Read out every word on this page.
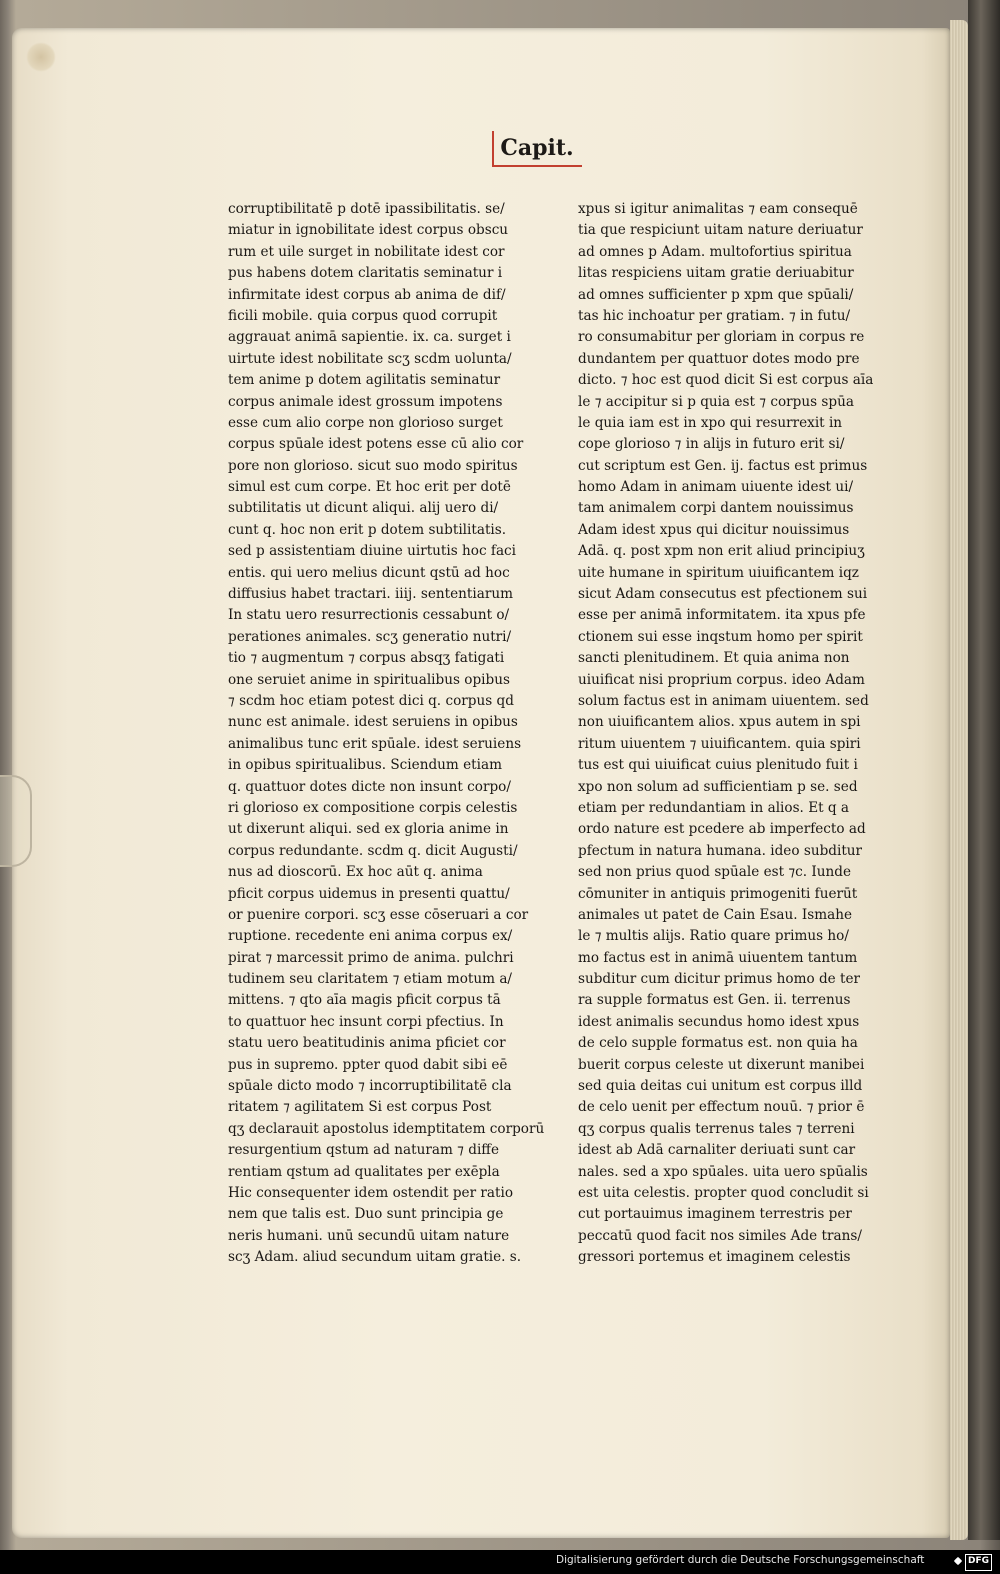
Capit.
corruptibilitatē p dotē ipassibilitatis. se/
miatur in ignobilitate idest corpus obscu
rum et uile surget in nobilitate idest cor
pus habens dotem claritatis seminatur i
infirmitate idest corpus ab anima de dif/
ficili mobile. quia corpus quod corrupit
aggrauat animā sapientie. ix. ca. surget i
uirtute idest nobilitate scʒ scdm uolunta/
tem anime p dotem agilitatis seminatur
corpus animale idest grossum impotens
esse cum alio corpe non glorioso surget
corpus spūale idest potens esse cū alio cor
pore non glorioso. sicut suo modo spiritus
simul est cum corpe. Et hoc erit per dotē
subtilitatis ut dicunt aliqui. alij uero di/
cunt q. hoc non erit p dotem subtilitatis.
sed p assistentiam diuine uirtutis hoc faci
entis. qui uero melius dicunt qstū ad hoc
diffusius habet tractari. iiij. sententiarum
In statu uero resurrectionis cessabunt o/
perationes animales. scʒ generatio nutri/
tio ⁊ augmentum ⁊ corpus absqʒ fatigati
one seruiet anime in spiritualibus opibus
⁊ scdm hoc etiam potest dici q. corpus qd
nunc est animale. idest seruiens in opibus
animalibus tunc erit spūale. idest seruiens
in opibus spiritualibus. Sciendum etiam
q. quattuor dotes dicte non insunt corpo/
ri glorioso ex compositione corpis celestis
ut dixerunt aliqui. sed ex gloria anime in
corpus redundante. scdm q. dicit Augusti/
nus ad dioscorū. Ex hoc aūt q. anima
pficit corpus uidemus in presenti quattu/
or puenire corpori. scʒ esse cōseruari a cor
ruptione. recedente eni anima corpus ex/
pirat ⁊ marcessit primo de anima. pulchri
tudinem seu claritatem ⁊ etiam motum a/
mittens. ⁊ qto aīa magis pficit corpus tā
to quattuor hec insunt corpi pfectius. In
statu uero beatitudinis anima pficiet cor
pus in supremo. ppter quod dabit sibi eē
spūale dicto modo ⁊ incorruptibilitatē cla
ritatem ⁊ agilitatem Si est corpus Post
qʒ declarauit apostolus idemptitatem corporū
resurgentium qstum ad naturam ⁊ diffe
rentiam qstum ad qualitates per exēpla
Hic consequenter idem ostendit per ratio
nem que talis est. Duo sunt principia ge
neris humani. unū secundū uitam nature
scʒ Adam. aliud secundum uitam gratie. s.
xpus si igitur animalitas ⁊ eam consequē
tia que respiciunt uitam nature deriuatur
ad omnes p Adam. multofortius spiritua
litas respiciens uitam gratie deriuabitur
ad omnes sufficienter p xpm que spūali/
tas hic inchoatur per gratiam. ⁊ in futu/
ro consumabitur per gloriam in corpus re
dundantem per quattuor dotes modo pre
dicto. ⁊ hoc est quod dicit Si est corpus aīa
le ⁊ accipitur si p quia est ⁊ corpus spūa
le quia iam est in xpo qui resurrexit in
cope glorioso ⁊ in alijs in futuro erit si/
cut scriptum est Gen. ij. factus est primus
homo Adam in animam uiuente idest ui/
tam animalem corpi dantem nouissimus
Adam idest xpus qui dicitur nouissimus
Adā. q. post xpm non erit aliud principiuʒ
uite humane in spiritum uiuificantem iqz
sicut Adam consecutus est pfectionem sui
esse per animā informitatem. ita xpus pfe
ctionem sui esse inqstum homo per spirit
sancti plenitudinem. Et quia anima non
uiuificat nisi proprium corpus. ideo Adam
solum factus est in animam uiuentem. sed
non uiuificantem alios. xpus autem in spi
ritum uiuentem ⁊ uiuificantem. quia spiri
tus est qui uiuificat cuius plenitudo fuit i
xpo non solum ad sufficientiam p se. sed
etiam per redundantiam in alios. Et q a
ordo nature est pcedere ab imperfecto ad
pfectum in natura humana. ideo subditur
sed non prius quod spūale est ⁊c. Iunde
cōmuniter in antiquis primogeniti fuerūt
animales ut patet de Cain Esau. Ismahe
le ⁊ multis alijs. Ratio quare primus ho/
mo factus est in animā uiuentem tantum
subditur cum dicitur primus homo de ter
ra supple formatus est Gen. ii. terrenus
idest animalis secundus homo idest xpus
de celo supple formatus est. non quia ha
buerit corpus celeste ut dixerunt manibei
sed quia deitas cui unitum est corpus illd
de celo uenit per effectum nouū. ⁊ prior ē
qʒ corpus qualis terrenus tales ⁊ terreni
idest ab Adā carnaliter deriuati sunt car
nales. sed a xpo spūales. uita uero spūalis
est uita celestis. propter quod concludit si
cut portauimus imaginem terrestris per
peccatū quod facit nos similes Ade trans/
gressori portemus et imaginem celestis
Digitalisierung gefördert durch die Deutsche Forschungsgemeinschaft	DFG
